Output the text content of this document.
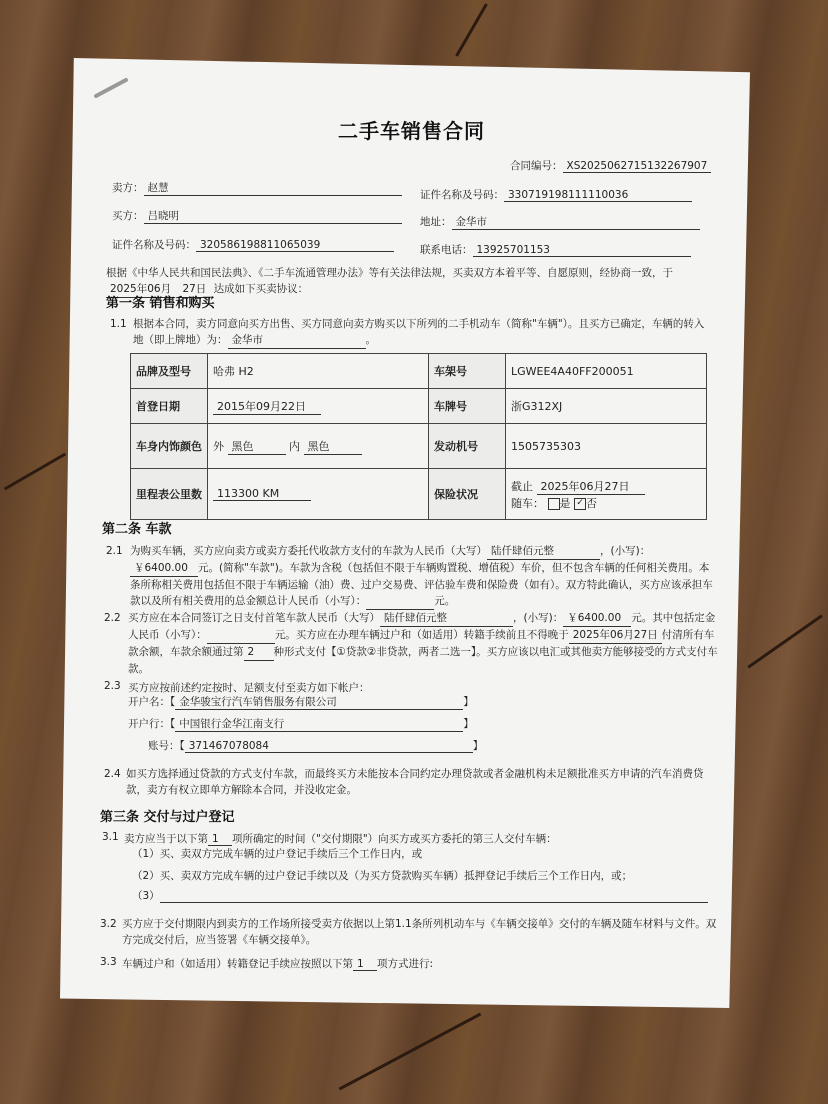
二手车销售合同
合同编号： XS2025062715132267907
卖方： 赵慧
证件名称及号码： 330719198111110036
买方： 吕晓明	地址： 金华市
证件名称及号码： 320586198811065039	联系电话： 13925701153
根据《中华人民共和国民法典》、《二手车流通管理办法》等有关法律法规，买卖双方本着平等、自愿原则，经协商一致，于 2025年06月 27日 达成如下买卖协议：
第一条 销售和购买
1.1 根据本合同，卖方同意向买方出售、买方同意向卖方购买以下所列的二手机动车（简称"车辆"）。且买方已确定，车辆的转入地（即上牌地）为： 金华市	。
品牌及型号	哈弗 H2	车架号	LGWEE4A40FF200051
首登日期	2015年09月22日	车牌号	浙G312XJ
车身内饰颜色	外 黑色 内 黑色	发动机号	1505735303
里程表公里数	113300 KM	保险状况	截止 2025年06月27日
随车： 是 ✓ 否
第二条 车款
2.1 为购买车辆，买方应向卖方或卖方委托代收款方支付的车款为人民币（大写） 陆仟肆佰元整	，(小写)：￥6400.00 元。(简称"车款")。车款为含税（包括但不限于车辆购置税、增值税）车价，但不包含车辆的任何相关费用。本条所称相关费用包括但不限于车辆运输（油）费、过户交易费、评估验车费和保险费（如有）。双方特此确认，买方应该承担车款以及所有相关费用的总金额总计人民币（小写）：	元。
2.2 买方应在本合同签订之日支付首笔车款人民币（大写） 陆仟肆佰元整	，(小写)： ￥6400.00 元。其中包括定金人民币（小写）：	元。买方应在办理车辆过户和（如适用）转籍手续前且不得晚于 2025年06月27日 付清所有车款余额，车款余额通过第 2 种形式支付【①贷款②非贷款，两者二选一】。买方应该以电汇或其他卖方能够接受的方式支付车款。
2.3 买方应按前述约定按时、足额支付至卖方如下帐户：
开户名：【 金华骏宝行汽车销售服务有限公司	】
开户行：【 中国银行金华江南支行	】
账号：【 371467078084	】
2.4 如买方选择通过贷款的方式支付车款，而最终买方未能按本合同约定办理贷款或者金融机构未足额批准买方申请的汽车消费贷款，卖方有权立即单方解除本合同，并没收定金。
第三条 交付与过户登记
3.1 卖方应当于以下第 1 项所确定的时间（"交付期限"）向买方或买方委托的第三人交付车辆：
（1）买、卖双方完成车辆的过户登记手续后三个工作日内，或
（2）买、卖双方完成车辆的过户登记手续以及（为买方贷款购买车辆）抵押登记手续后三个工作日内，或；
（3）
3.2 买方应于交付期限内到卖方的工作场所接受卖方依据以上第1.1条所列机动车与《车辆交接单》交付的车辆及随车材料与文件。双方完成交付后，应当签署《车辆交接单》。
3.3 车辆过户和（如适用）转籍登记手续应按照以下第 1 项方式进行:
